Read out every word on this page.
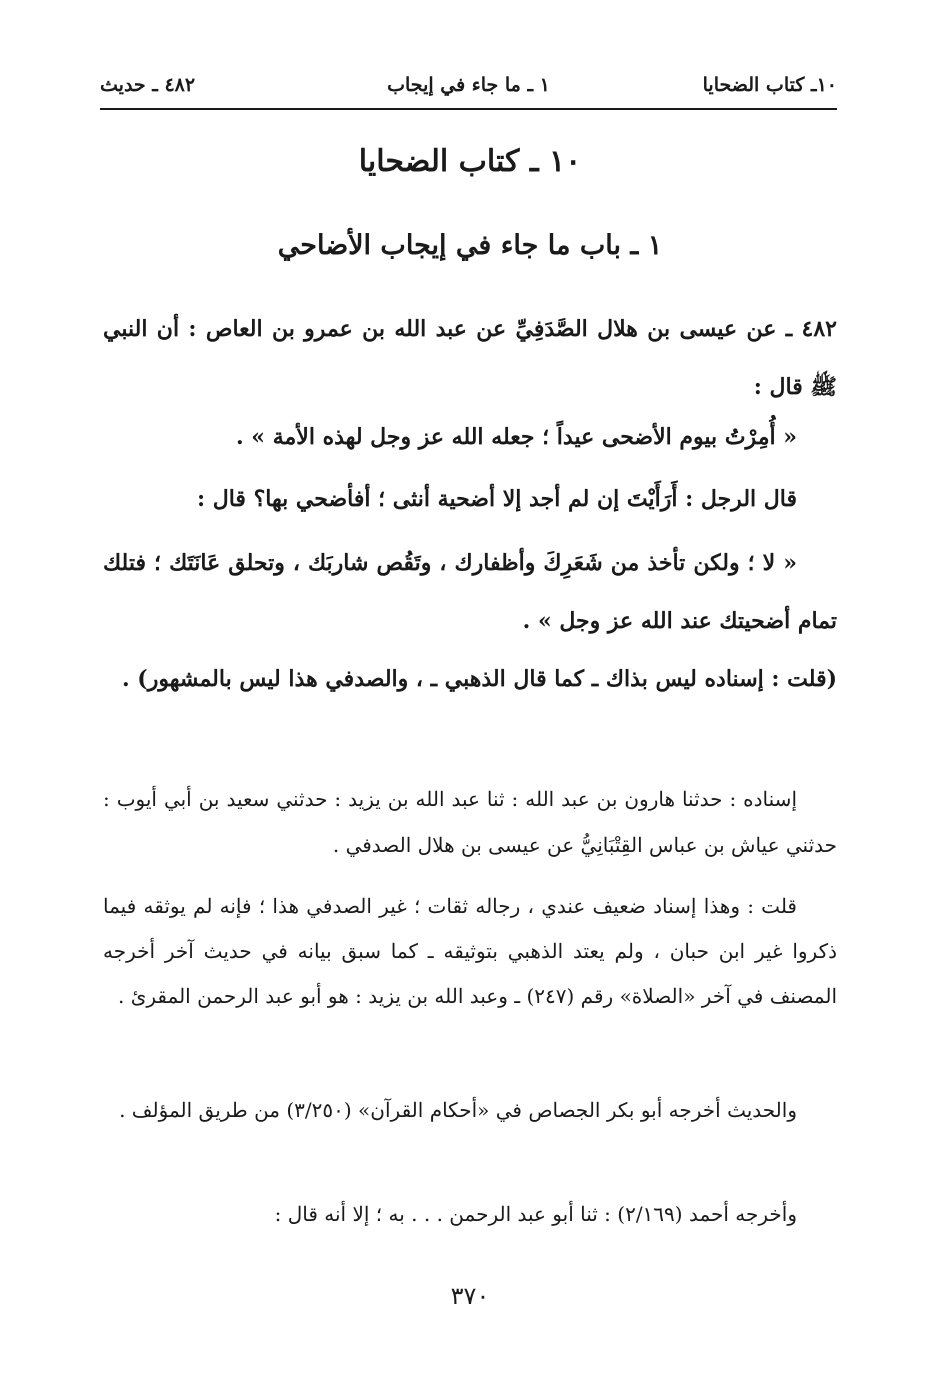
١٠ـ كتاب الضحايا
١ ـ ما جاء في إيجاب
٤٨٢ ـ حديث
١٠ ـ كتاب الضحايا
١ ـ باب ما جاء في إيجاب الأضاحي

٤٨٢ ـ عن عيسى بن هلال الصَّدَفِيِّ عن عبد الله بن عمرو بن العاص : أن النبي ﷺ قال :

« أُمِرْتُ بيوم الأضحى عيداً ؛ جعله الله عز وجل لهذه الأمة » .

قال الرجل : أَرَأَيْتَ إن لم أجد إلا أضحية أنثى ؛ أفأضحي بها؟ قال :

« لا ؛ ولكن تأخذ من شَعَرِكَ وأظفارك ، وتَقُص شاربَك ، وتحلق عَانَتَك ؛ فتلك تمام أضحيتك عند الله عز وجل » .

(قلت : إسناده ليس بذاك ـ كما قال الذهبي ـ ، والصدفي هذا ليس بالمشهور) .

إسناده : حدثنا هارون بن عبد الله : ثنا عبد الله بن يزيد : حدثني سعيد بن أبي أيوب : حدثني عياش بن عباس القِتْبَانِيُّ عن عيسى بن هلال الصدفي .

قلت : وهذا إسناد ضعيف عندي ، رجاله ثقات ؛ غير الصدفي هذا ؛ فإنه لم يوثقه فيما ذكروا غير ابن حبان ، ولم يعتد الذهبي بتوثيقه ـ كما سبق بيانه في حديث آخر أخرجه المصنف في آخر «الصلاة» رقم (٢٤٧) ـ وعبد الله بن يزيد : هو أبو عبد الرحمن المقرئ .

والحديث أخرجه أبو بكر الجصاص في «أحكام القرآن» (٣/٢٥٠) من طريق المؤلف .

وأخرجه أحمد (٢/١٦٩) : ثنا أبو عبد الرحمن . . . به ؛ إلا أنه قال :

٣٧٠
